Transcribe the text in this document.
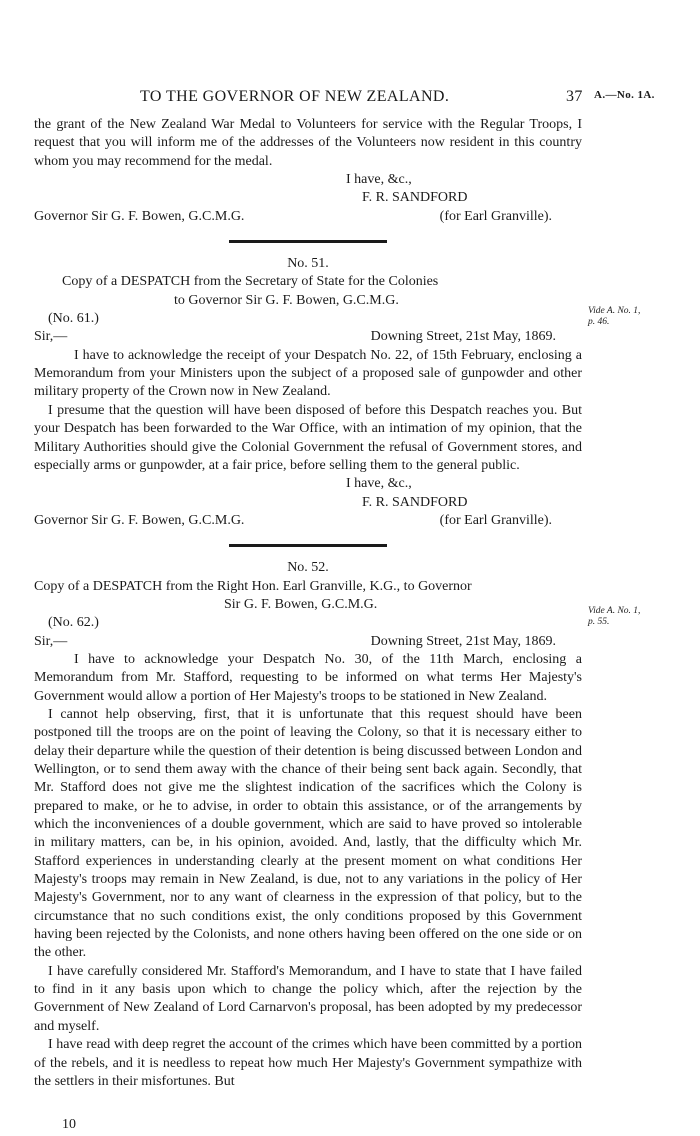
TO THE GOVERNOR OF NEW ZEALAND.	37 A.—No. 1A.

the grant of the New Zealand War Medal to Volunteers for service with the Regular Troops, I request that you will inform me of the addresses of the Volunteers now resident in this country whom you may recommend for the medal.

I have, &c.,
F. R. SANDFORD
Governor Sir G. F. Bowen, G.C.M.G.	(for Earl Granville).
No. 51.
Copy of a DESPATCH from the Secretary of State for the Colonies
to Governor Sir G. F. Bowen, G.C.M.G.
(No. 61.)
Sir,—	Downing Street, 21st May, 1869.

I have to acknowledge the receipt of your Despatch No. 22, of 15th February, enclosing a Memorandum from your Ministers upon the subject of a proposed sale of gunpowder and other military property of the Crown now in New Zealand.

I presume that the question will have been disposed of before this Despatch reaches you. But your Despatch has been forwarded to the War Office, with an intimation of my opinion, that the Military Authorities should give the Colonial Government the refusal of Government stores, and especially arms or gunpowder, at a fair price, before selling them to the general public.

I have, &c.,
F. R. SANDFORD
Governor Sir G. F. Bowen, G.C.M.G.	(for Earl Granville).
No. 52.
Copy of a DESPATCH from the Right Hon. Earl Granville, K.G., to Governor
Sir G. F. Bowen, G.C.M.G.
(No. 62.)
Sir,—	Downing Street, 21st May, 1869.

I have to acknowledge your Despatch No. 30, of the 11th March, enclosing a Memorandum from Mr. Stafford, requesting to be informed on what terms Her Majesty's Government would allow a portion of Her Majesty's troops to be stationed in New Zealand.

I cannot help observing, first, that it is unfortunate that this request should have been postponed till the troops are on the point of leaving the Colony, so that it is necessary either to delay their departure while the question of their detention is being discussed between London and Wellington, or to send them away with the chance of their being sent back again. Secondly, that Mr. Stafford does not give me the slightest indication of the sacrifices which the Colony is prepared to make, or he to advise, in order to obtain this assistance, or of the arrangements by which the inconveniences of a double government, which are said to have proved so intolerable in military matters, can be, in his opinion, avoided. And, lastly, that the difficulty which Mr. Stafford experiences in understanding clearly at the present moment on what conditions Her Majesty's troops may remain in New Zealand, is due, not to any variations in the policy of Her Majesty's Government, nor to any want of clearness in the expression of that policy, but to the circumstance that no such conditions exist, the only conditions proposed by this Government having been rejected by the Colonists, and none others having been offered on the one side or on the other.

I have carefully considered Mr. Stafford's Memorandum, and I have to state that I have failed to find in it any basis upon which to change the policy which, after the rejection by the Government of New Zealand of Lord Carnarvon's proposal, has been adopted by my predecessor and myself.

I have read with deep regret the account of the crimes which have been committed by a portion of the rebels, and it is needless to repeat how much Her Majesty's Government sympathize with the settlers in their misfortunes. But

Vide A. No. 1,
p. 46.
Vide A. No. 1,
p. 55.
10
